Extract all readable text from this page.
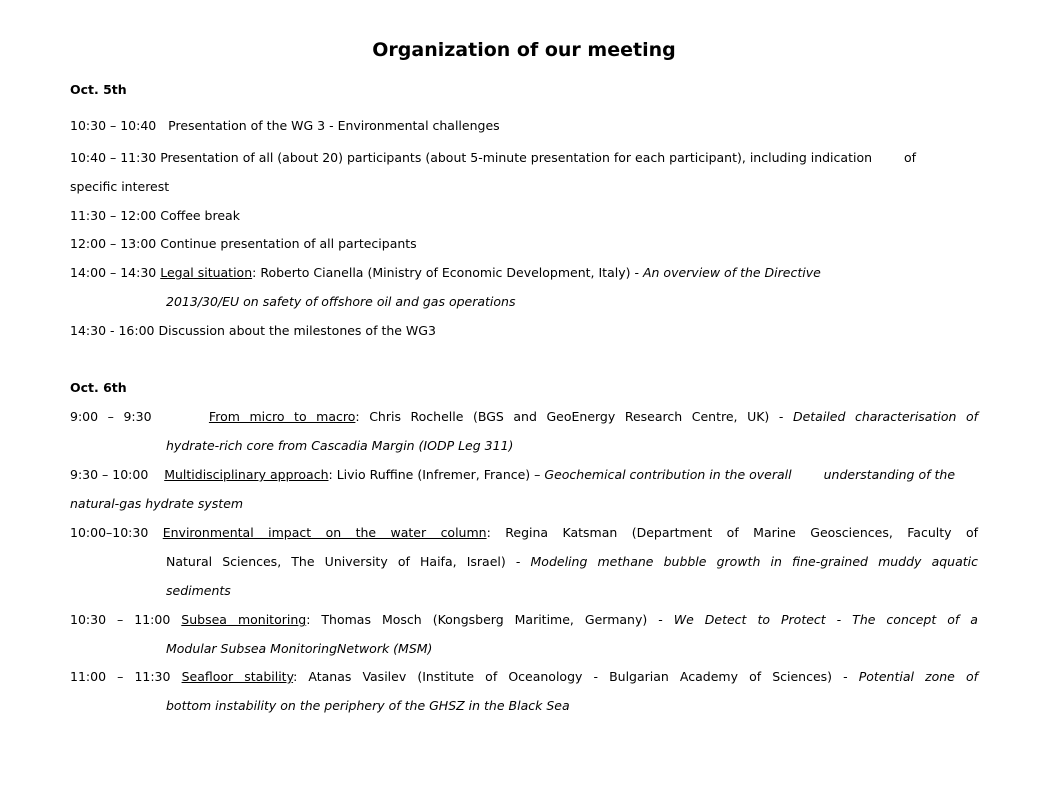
Organization of our meeting
Oct. 5th
10:30 – 10:40 Presentation of the WG 3 - Environmental challenges
10:40 – 11:30 Presentation of all (about 20) participants (about 5-minute presentation for each participant), including indication	of
specific interest
11:30 – 12:00 Coffee break
12:00 – 13:00 Continue presentation of all partecipants
14:00 – 14:30 Legal situation: Roberto Cianella (Ministry of Economic Development, Italy) - An overview of the Directive
2013/30/EU on safety of offshore oil and gas operations
14:30 - 16:00 Discussion about the milestones of the WG3
Oct. 6th
9:00 – 9:30	From micro to macro: Chris Rochelle (BGS and GeoEnergy Research Centre, UK) - Detailed characterisation of
hydrate-rich core from Cascadia Margin (IODP Leg 311)
9:30 – 10:00 Multidisciplinary approach: Livio Ruffine (Infremer, France) – Geochemical contribution in the overall	understanding of the
natural-gas hydrate system
10:00–10:30 Environmental impact on the water column: Regina Katsman (Department of Marine Geosciences, Faculty of
Natural Sciences, The University of Haifa, Israel) - Modeling methane bubble growth in fine-grained muddy aquatic
sediments
10:30 – 11:00 Subsea monitoring: Thomas Mosch (Kongsberg Maritime, Germany) - We Detect to Protect - The concept of a
Modular Subsea MonitoringNetwork (MSM)
11:00 – 11:30 Seafloor stability: Atanas Vasilev (Institute of Oceanology - Bulgarian Academy of Sciences) - Potential zone of
bottom instability on the periphery of the GHSZ in the Black Sea
